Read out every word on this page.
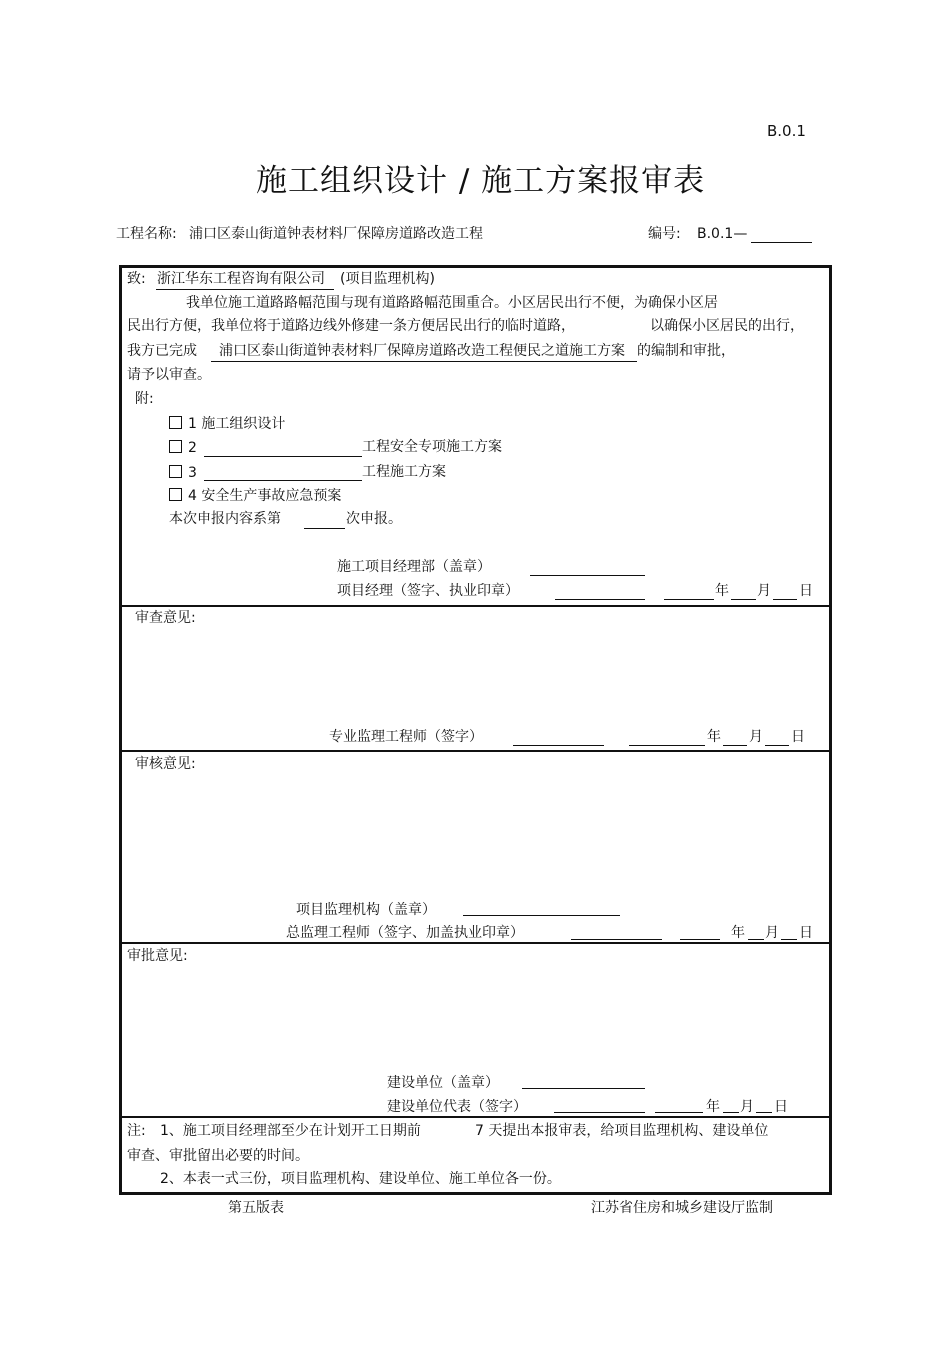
B.0.1
施工组织设计 / 施工方案报审表
工程名称: 浦口区泰山街道钟表材料厂保障房道路改造工程	编号: B.0.1—
致: 浙江华东工程咨询有限公司 (项目监理机构)
我单位施工道路路幅范围与现有道路路幅范围重合。小区居民出行不便，为确保小区居
民出行方便，我单位将于道路边线外修建一条方便居民出行的临时道路，	以确保小区居民的出行，
我方已完成 浦口区泰山街道钟表材料厂保障房道路改造工程便民之道施工方案 的编制和审批，
请予以审查。
附:
1 施工组织设计
2	工程安全专项施工方案
3	工程施工方案
4 安全生产事故应急预案
本次申报内容系第	次申报。
施工项目经理部（盖章）
项目经理（签字、执业印章）	年 月 日
审查意见:
专业监理工程师（签字）	年 月 日
审核意见:
项目监理机构（盖章）
总监理工程师（签字、加盖执业印章）	年 月 日
审批意见:
建设单位（盖章）
建设单位代表（签字）	年 月 日
注: 1、施工项目经理部至少在计划开工日期前	7 天提出本报审表，给项目监理机构、建设单位
审查、审批留出必要的时间。
2、本表一式三份，项目监理机构、建设单位、施工单位各一份。
第五版表	江苏省住房和城乡建设厅监制
